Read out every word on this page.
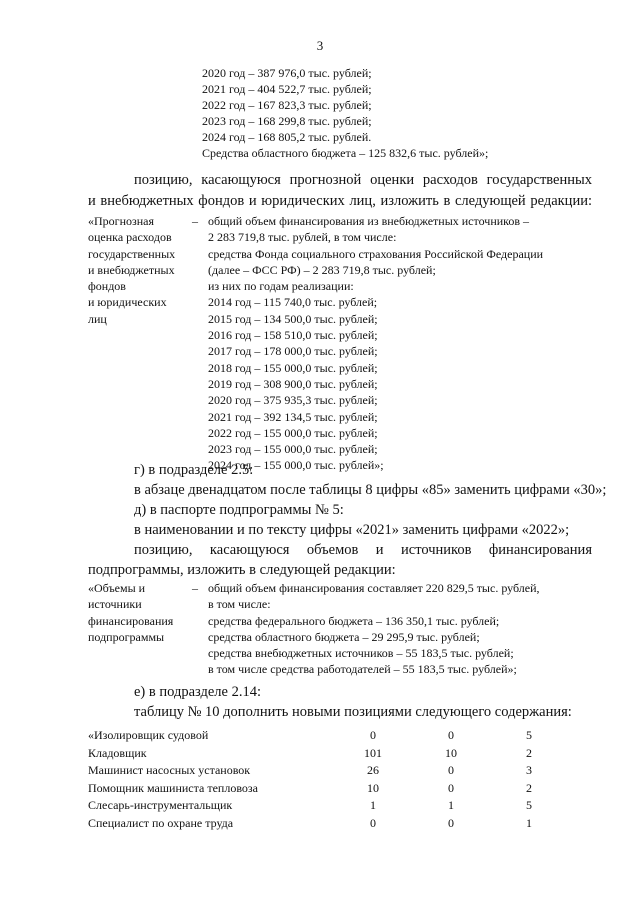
3
2020 год – 387 976,0 тыс. рублей;
2021 год – 404 522,7 тыс. рублей;
2022 год – 167 823,3 тыс. рублей;
2023 год – 168 299,8 тыс. рублей;
2024 год – 168 805,2 тыс. рублей.
Средства областного бюджета – 125 832,6 тыс. рублей»;
позицию, касающуюся прогнозной оценки расходов государственных
и внебюджетных фондов и юридических лиц, изложить в следующей редакции:
«Прогнозная
оценка расходов
государственных
и внебюджетных
фондов
и юридических
лиц
– общий объем финансирования из внебюджетных источников –
2 283 719,8 тыс. рублей, в том числе:
средства Фонда социального страхования Российской Федерации
(далее – ФСС РФ) – 2 283 719,8 тыс. рублей;
из них по годам реализации:
2014 год – 115 740,0 тыс. рублей;
2015 год – 134 500,0 тыс. рублей;
2016 год – 158 510,0 тыс. рублей;
2017 год – 178 000,0 тыс. рублей;
2018 год – 155 000,0 тыс. рублей;
2019 год – 308 900,0 тыс. рублей;
2020 год – 375 935,3 тыс. рублей;
2021 год – 392 134,5 тыс. рублей;
2022 год – 155 000,0 тыс. рублей;
2023 год – 155 000,0 тыс. рублей;
2024 год – 155 000,0 тыс. рублей»;
г) в подразделе 2.5:
в абзаце двенадцатом после таблицы 8 цифры «85» заменить цифрами «30»;
д) в паспорте подпрограммы № 5:
в наименовании и по тексту цифры «2021» заменить цифрами «2022»;
позицию, касающуюся объемов и источников финансирования
подпрограммы, изложить в следующей редакции:
«Объемы и
источники
финансирования
подпрограммы
– общий объем финансирования составляет 220 829,5 тыс. рублей,
в том числе:
средства федерального бюджета – 136 350,1 тыс. рублей;
средства областного бюджета – 29 295,9 тыс. рублей;
средства внебюджетных источников – 55 183,5 тыс. рублей;
в том числе средства работодателей – 55 183,5 тыс. рублей»;
е) в подразделе 2.14:
таблицу № 10 дополнить новыми позициями следующего содержания:
«Изолировщик судовой	0	0	5
Кладовщик	101	10	2
Машинист насосных установок	26	0	3
Помощник машиниста тепловоза	10	0	2
Слесарь-инструментальщик	1	1	5
Специалист по охране труда	0	0	1
